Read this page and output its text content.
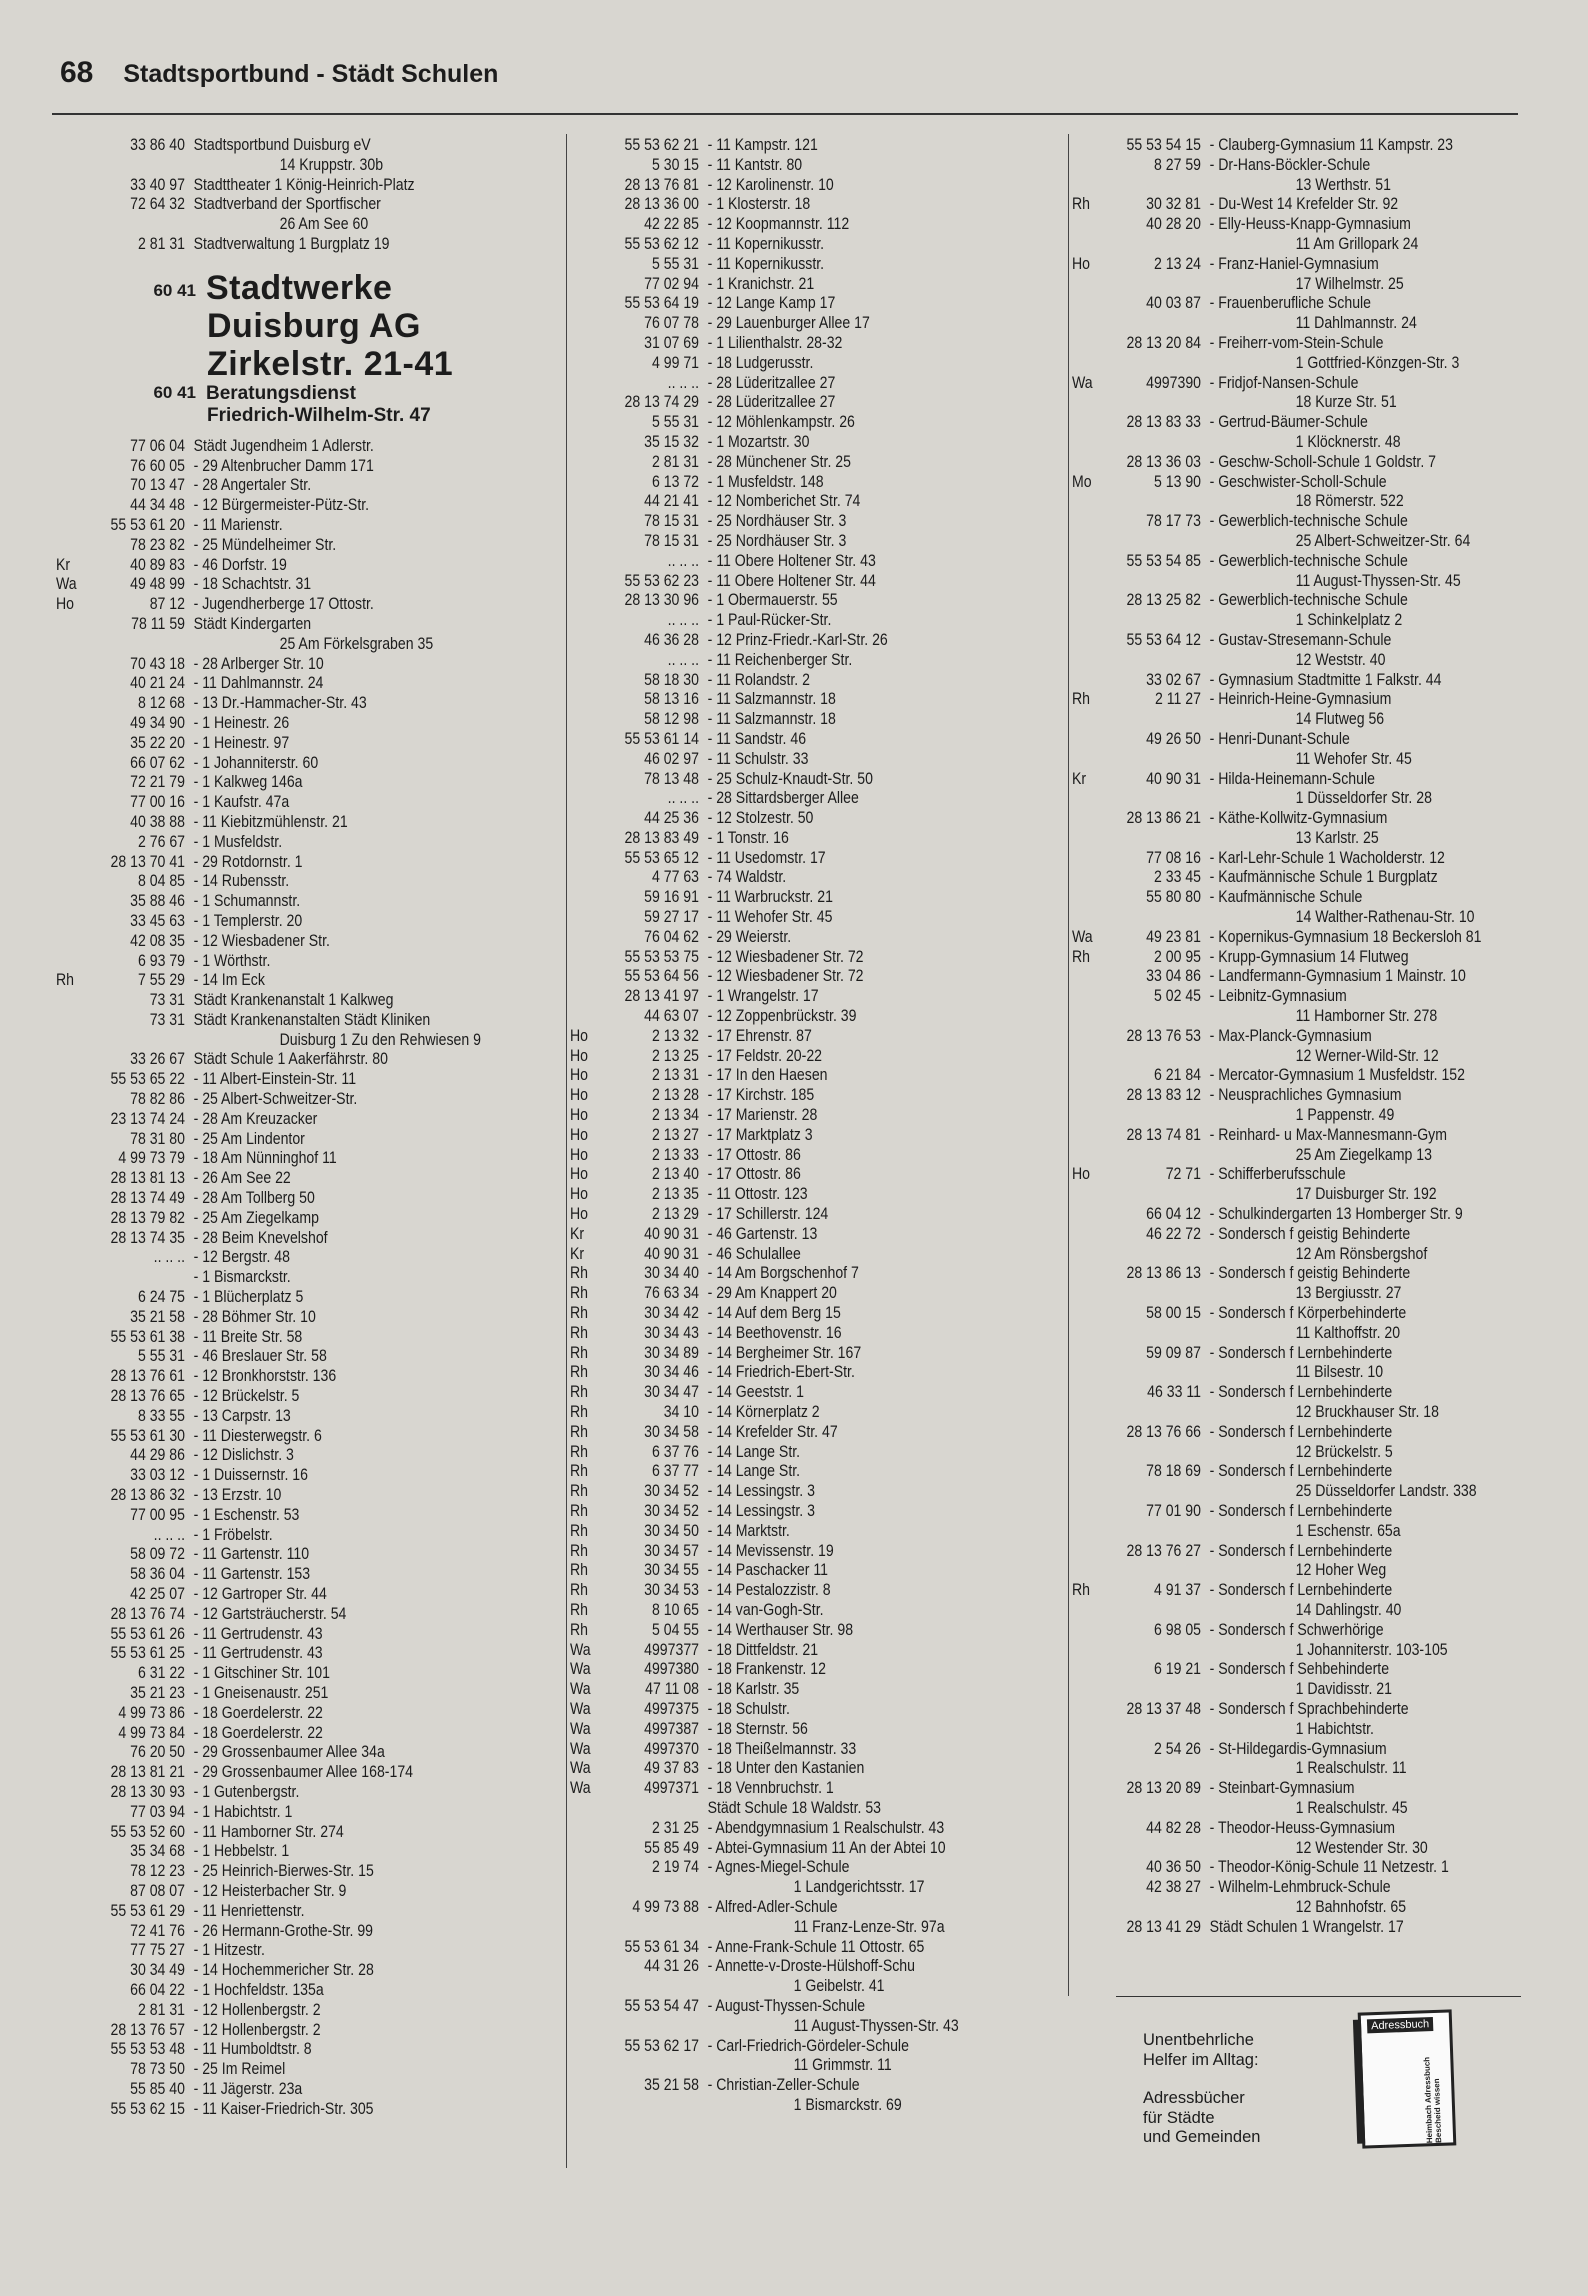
68 Stadtsportbund - Städt Schulen
33 86 40 Stadtsportbund Duisburg eV
14 Kruppstr. 30b
33 40 97 Stadttheater 1 König-Heinrich-Platz
72 64 32 Stadtverband der Sportfischer
26 Am See 60
2 81 31 Stadtverwaltung 1 Burgplatz 19
60 41 Stadtwerke
Duisburg AG
Zirkelstr. 21-41
60 41 Beratungsdienst
Friedrich-Wilhelm-Str. 47
77 06 04 Städt Jugendheim 1 Adlerstr.
76 60 05 - 29 Altenbrucher Damm 171
70 13 47 - 28 Angertaler Str.
44 34 48 - 12 Bürgermeister-Pütz-Str.
55 53 61 20 - 11 Marienstr.
78 23 82 - 25 Mündelheimer Str.
Kr	40 89 83 - 46 Dorfstr. 19
Wa	49 48 99 - 18 Schachtstr. 31
Ho	87 12 - Jugendherberge 17 Ottostr.
78 11 59 Städt Kindergarten
25 Am Förkelsgraben 35
70 43 18 - 28 Arlberger Str. 10
40 21 24 - 11 Dahlmannstr. 24
8 12 68 - 13 Dr.-Hammacher-Str. 43
49 34 90 - 1 Heinestr. 26
35 22 20 - 1 Heinestr. 97
66 07 62 - 1 Johanniterstr. 60
72 21 79 - 1 Kalkweg 146a
77 00 16 - 1 Kaufstr. 47a
40 38 88 - 11 Kiebitzmühlenstr. 21
2 76 67 - 1 Musfeldstr.
28 13 70 41 - 29 Rotdornstr. 1
8 04 85 - 14 Rubensstr.
35 88 46 - 1 Schumannstr.
33 45 63 - 1 Templerstr. 20
42 08 35 - 12 Wiesbadener Str.
6 93 79 - 1 Wörthstr.
Rh	7 55 29 - 14 Im Eck
73 31 Städt Krankenanstalt 1 Kalkweg
73 31 Städt Krankenanstalten Städt Kliniken
Duisburg 1 Zu den Rehwiesen 9
33 26 67 Städt Schule 1 Aakerfährstr. 80
55 53 65 22 - 11 Albert-Einstein-Str. 11
78 82 86 - 25 Albert-Schweitzer-Str.
23 13 74 24 - 28 Am Kreuzacker
78 31 80 - 25 Am Lindentor
4 99 73 79 - 18 Am Nünninghof 11
28 13 81 13 - 26 Am See 22
28 13 74 49 - 28 Am Tollberg 50
28 13 79 82 - 25 Am Ziegelkamp
28 13 74 35 - 28 Beim Knevelshof
.. .. .. - 12 Bergstr. 48
- 1 Bismarckstr.
6 24 75 - 1 Blücherplatz 5
35 21 58 - 28 Böhmer Str. 10
55 53 61 38 - 11 Breite Str. 58
5 55 31 - 46 Breslauer Str. 58
28 13 76 61 - 12 Bronkhorststr. 136
28 13 76 65 - 12 Brückelstr. 5
8 33 55 - 13 Carpstr. 13
55 53 61 30 - 11 Diesterwegstr. 6
44 29 86 - 12 Dislichstr. 3
33 03 12 - 1 Duissernstr. 16
28 13 86 32 - 13 Erzstr. 10
77 00 95 - 1 Eschenstr. 53
.. .. .. - 1 Fröbelstr.
58 09 72 - 11 Gartenstr. 110
58 36 04 - 11 Gartenstr. 153
42 25 07 - 12 Gartroper Str. 44
28 13 76 74 - 12 Gartsträucherstr. 54
55 53 61 26 - 11 Gertrudenstr. 43
55 53 61 25 - 11 Gertrudenstr. 43
6 31 22 - 1 Gitschiner Str. 101
35 21 23 - 1 Gneisenaustr. 251
4 99 73 86 - 18 Goerdelerstr. 22
4 99 73 84 - 18 Goerdelerstr. 22
76 20 50 - 29 Grossenbaumer Allee 34a
28 13 81 21 - 29 Grossenbaumer Allee 168-174
28 13 30 93 - 1 Gutenbergstr.
77 03 94 - 1 Habichtstr. 1
55 53 52 60 - 11 Hamborner Str. 274
35 34 68 - 1 Hebbelstr. 1
78 12 23 - 25 Heinrich-Bierwes-Str. 15
87 08 07 - 12 Heisterbacher Str. 9
55 53 61 29 - 11 Henriettenstr.
72 41 76 - 26 Hermann-Grothe-Str. 99
77 75 27 - 1 Hitzestr.
30 34 49 - 14 Hochemmericher Str. 28
66 04 22 - 1 Hochfeldstr. 135a
2 81 31 - 12 Hollenbergstr. 2
28 13 76 57 - 12 Hollenbergstr. 2
55 53 53 48 - 11 Humboldtstr. 8
78 73 50 - 25 Im Reimel
55 85 40 - 11 Jägerstr. 23a
55 53 62 15 - 11 Kaiser-Friedrich-Str. 305
55 53 62 21 - 11 Kampstr. 121
5 30 15 - 11 Kantstr. 80
28 13 76 81 - 12 Karolinenstr. 10
28 13 36 00 - 1 Klosterstr. 18
42 22 85 - 12 Koopmannstr. 112
55 53 62 12 - 11 Kopernikusstr.
5 55 31 - 11 Kopernikusstr.
77 02 94 - 1 Kranichstr. 21
55 53 64 19 - 12 Lange Kamp 17
76 07 78 - 29 Lauenburger Allee 17
31 07 69 - 1 Lilienthalstr. 28-32
4 99 71 - 18 Ludgerusstr.
.. .. .. - 28 Lüderitzallee 27
28 13 74 29 - 28 Lüderitzallee 27
5 55 31 - 12 Möhlenkampstr. 26
35 15 32 - 1 Mozartstr. 30
2 81 31 - 28 Münchener Str. 25
6 13 72 - 1 Musfeldstr. 148
44 21 41 - 12 Nomberichet Str. 74
78 15 31 - 25 Nordhäuser Str. 3
78 15 31 - 25 Nordhäuser Str. 3
.. .. .. - 11 Obere Holtener Str. 43
55 53 62 23 - 11 Obere Holtener Str. 44
28 13 30 96 - 1 Obermauerstr. 55
.. .. .. - 1 Paul-Rücker-Str.
46 36 28 - 12 Prinz-Friedr.-Karl-Str. 26
.. .. .. - 11 Reichenberger Str.
58 18 30 - 11 Rolandstr. 2
58 13 16 - 11 Salzmannstr. 18
58 12 98 - 11 Salzmannstr. 18
55 53 61 14 - 11 Sandstr. 46
46 02 97 - 11 Schulstr. 33
78 13 48 - 25 Schulz-Knaudt-Str. 50
.. .. .. - 28 Sittardsberger Allee
44 25 36 - 12 Stolzestr. 50
28 13 83 49 - 1 Tonstr. 16
55 53 65 12 - 11 Usedomstr. 17
4 77 63 - 74 Waldstr.
59 16 91 - 11 Warbruckstr. 21
59 27 17 - 11 Wehofer Str. 45
76 04 62 - 29 Weierstr.
55 53 53 75 - 12 Wiesbadener Str. 72
55 53 64 56 - 12 Wiesbadener Str. 72
28 13 41 97 - 1 Wrangelstr. 17
44 63 07 - 12 Zoppenbrückstr. 39
Ho	2 13 32 - 17 Ehrenstr. 87
Ho	2 13 25 - 17 Feldstr. 20-22
Ho	2 13 31 - 17 In den Haesen
Ho	2 13 28 - 17 Kirchstr. 185
Ho	2 13 34 - 17 Marienstr. 28
Ho	2 13 27 - 17 Marktplatz 3
Ho	2 13 33 - 17 Ottostr. 86
Ho	2 13 40 - 17 Ottostr. 86
Ho	2 13 35 - 11 Ottostr. 123
Ho	2 13 29 - 17 Schillerstr. 124
Kr	40 90 31 - 46 Gartenstr. 13
Kr	40 90 31 - 46 Schulallee
Rh	30 34 40 - 14 Am Borgschenhof 7
Rh	76 63 34 - 29 Am Knappert 20
Rh	30 34 42 - 14 Auf dem Berg 15
Rh	30 34 43 - 14 Beethovenstr. 16
Rh	30 34 89 - 14 Bergheimer Str. 167
Rh	30 34 46 - 14 Friedrich-Ebert-Str.
Rh	30 34 47 - 14 Geeststr. 1
Rh	34 10 - 14 Körnerplatz 2
Rh	30 34 58 - 14 Krefelder Str. 47
Rh	6 37 76 - 14 Lange Str.
Rh	6 37 77 - 14 Lange Str.
Rh	30 34 52 - 14 Lessingstr. 3
Rh	30 34 52 - 14 Lessingstr. 3
Rh	30 34 50 - 14 Marktstr.
Rh	30 34 57 - 14 Mevissenstr. 19
Rh	30 34 55 - 14 Paschacker 11
Rh	30 34 53 - 14 Pestalozzistr. 8
Rh	8 10 65 - 14 van-Gogh-Str.
Rh	5 04 55 - 14 Werthauser Str. 98
Wa	4997377 - 18 Dittfeldstr. 21
Wa	4997380 - 18 Frankenstr. 12
Wa	47 11 08 - 18 Karlstr. 35
Wa	4997375 - 18 Schulstr.
Wa	4997387 - 18 Sternstr. 56
Wa	4997370 - 18 Theißelmannstr. 33
Wa	49 37 83 - 18 Unter den Kastanien
Wa	4997371 - 18 Vennbruchstr. 1
Städt Schule 18 Waldstr. 53
2 31 25 - Abendgymnasium 1 Realschulstr. 43
55 85 49 - Abtei-Gymnasium 11 An der Abtei 10
2 19 74 - Agnes-Miegel-Schule
1 Landgerichtsstr. 17
4 99 73 88 - Alfred-Adler-Schule
11 Franz-Lenze-Str. 97a
55 53 61 34 - Anne-Frank-Schule 11 Ottostr. 65
44 31 26 - Annette-v-Droste-Hülshoff-Schu
1 Geibelstr. 41
55 53 54 47 - August-Thyssen-Schule
11 August-Thyssen-Str. 43
55 53 62 17 - Carl-Friedrich-Gördeler-Schule
11 Grimmstr. 11
35 21 58 - Christian-Zeller-Schule
1 Bismarckstr. 69
55 53 54 15 - Clauberg-Gymnasium 11 Kampstr. 23
8 27 59 - Dr-Hans-Böckler-Schule
13 Werthstr. 51
Rh	30 32 81 - Du-West 14 Krefelder Str. 92
40 28 20 - Elly-Heuss-Knapp-Gymnasium
11 Am Grillopark 24
Ho	2 13 24 - Franz-Haniel-Gymnasium
17 Wilhelmstr. 25
40 03 87 - Frauenberufliche Schule
11 Dahlmannstr. 24
28 13 20 84 - Freiherr-vom-Stein-Schule
1 Gottfried-Könzgen-Str. 3
Wa	4997390 - Fridjof-Nansen-Schule
18 Kurze Str. 51
28 13 83 33 - Gertrud-Bäumer-Schule
1 Klöcknerstr. 48
28 13 36 03 - Geschw-Scholl-Schule 1 Goldstr. 7
Mo	5 13 90 - Geschwister-Scholl-Schule
18 Römerstr. 522
78 17 73 - Gewerblich-technische Schule
25 Albert-Schweitzer-Str. 64
55 53 54 85 - Gewerblich-technische Schule
11 August-Thyssen-Str. 45
28 13 25 82 - Gewerblich-technische Schule
1 Schinkelplatz 2
55 53 64 12 - Gustav-Stresemann-Schule
12 Weststr. 40
33 02 67 - Gymnasium Stadtmitte 1 Falkstr. 44
Rh	2 11 27 - Heinrich-Heine-Gymnasium
14 Flutweg 56
49 26 50 - Henri-Dunant-Schule
11 Wehofer Str. 45
Kr	40 90 31 - Hilda-Heinemann-Schule
1 Düsseldorfer Str. 28
28 13 86 21 - Käthe-Kollwitz-Gymnasium
13 Karlstr. 25
77 08 16 - Karl-Lehr-Schule 1 Wacholderstr. 12
2 33 45 - Kaufmännische Schule 1 Burgplatz
55 80 80 - Kaufmännische Schule
14 Walther-Rathenau-Str. 10
Wa	49 23 81 - Kopernikus-Gymnasium 18 Beckersloh 81
Rh	2 00 95 - Krupp-Gymnasium 14 Flutweg
33 04 86 - Landfermann-Gymnasium 1 Mainstr. 10
5 02 45 - Leibnitz-Gymnasium
11 Hamborner Str. 278
28 13 76 53 - Max-Planck-Gymnasium
12 Werner-Wild-Str. 12
6 21 84 - Mercator-Gymnasium 1 Musfeldstr. 152
28 13 83 12 - Neusprachliches Gymnasium
1 Pappenstr. 49
28 13 74 81 - Reinhard- u Max-Mannesmann-Gym
25 Am Ziegelkamp 13
Ho	72 71 - Schifferberufsschule
17 Duisburger Str. 192
66 04 12 - Schulkindergarten 13 Homberger Str. 9
46 22 72 - Sondersch f geistig Behinderte
12 Am Rönsbergshof
28 13 86 13 - Sondersch f geistig Behinderte
13 Bergiusstr. 27
58 00 15 - Sondersch f Körperbehinderte
11 Kalthoffstr. 20
59 09 87 - Sondersch f Lernbehinderte
11 Bilsestr. 10
46 33 11 - Sondersch f Lernbehinderte
12 Bruckhauser Str. 18
28 13 76 66 - Sondersch f Lernbehinderte
12 Brückelstr. 5
78 18 69 - Sondersch f Lernbehinderte
25 Düsseldorfer Landstr. 338
77 01 90 - Sondersch f Lernbehinderte
1 Eschenstr. 65a
28 13 76 27 - Sondersch f Lernbehinderte
12 Hoher Weg
Rh	4 91 37 - Sondersch f Lernbehinderte
14 Dahlingstr. 40
6 98 05 - Sondersch f Schwerhörige
1 Johanniterstr. 103-105
6 19 21 - Sondersch f Sehbehinderte
1 Davidisstr. 21
28 13 37 48 - Sondersch f Sprachbehinderte
1 Habichtstr.
2 54 26 - St-Hildegardis-Gymnasium
1 Realschulstr. 11
28 13 20 89 - Steinbart-Gymnasium
1 Realschulstr. 45
44 82 28 - Theodor-Heuss-Gymnasium
12 Westender Str. 30
40 36 50 - Theodor-König-Schule 11 Netzestr. 1
42 38 27 - Wilhelm-Lehmbruck-Schule
12 Bahnhofstr. 65
28 13 41 29 Städt Schulen 1 Wrangelstr. 17
Unentbehrliche
Helfer im Alltag:
Adressbücher
für Städte
und Gemeinden
Adressbuch
Heimbach Adressbuch Bescheid wissen
